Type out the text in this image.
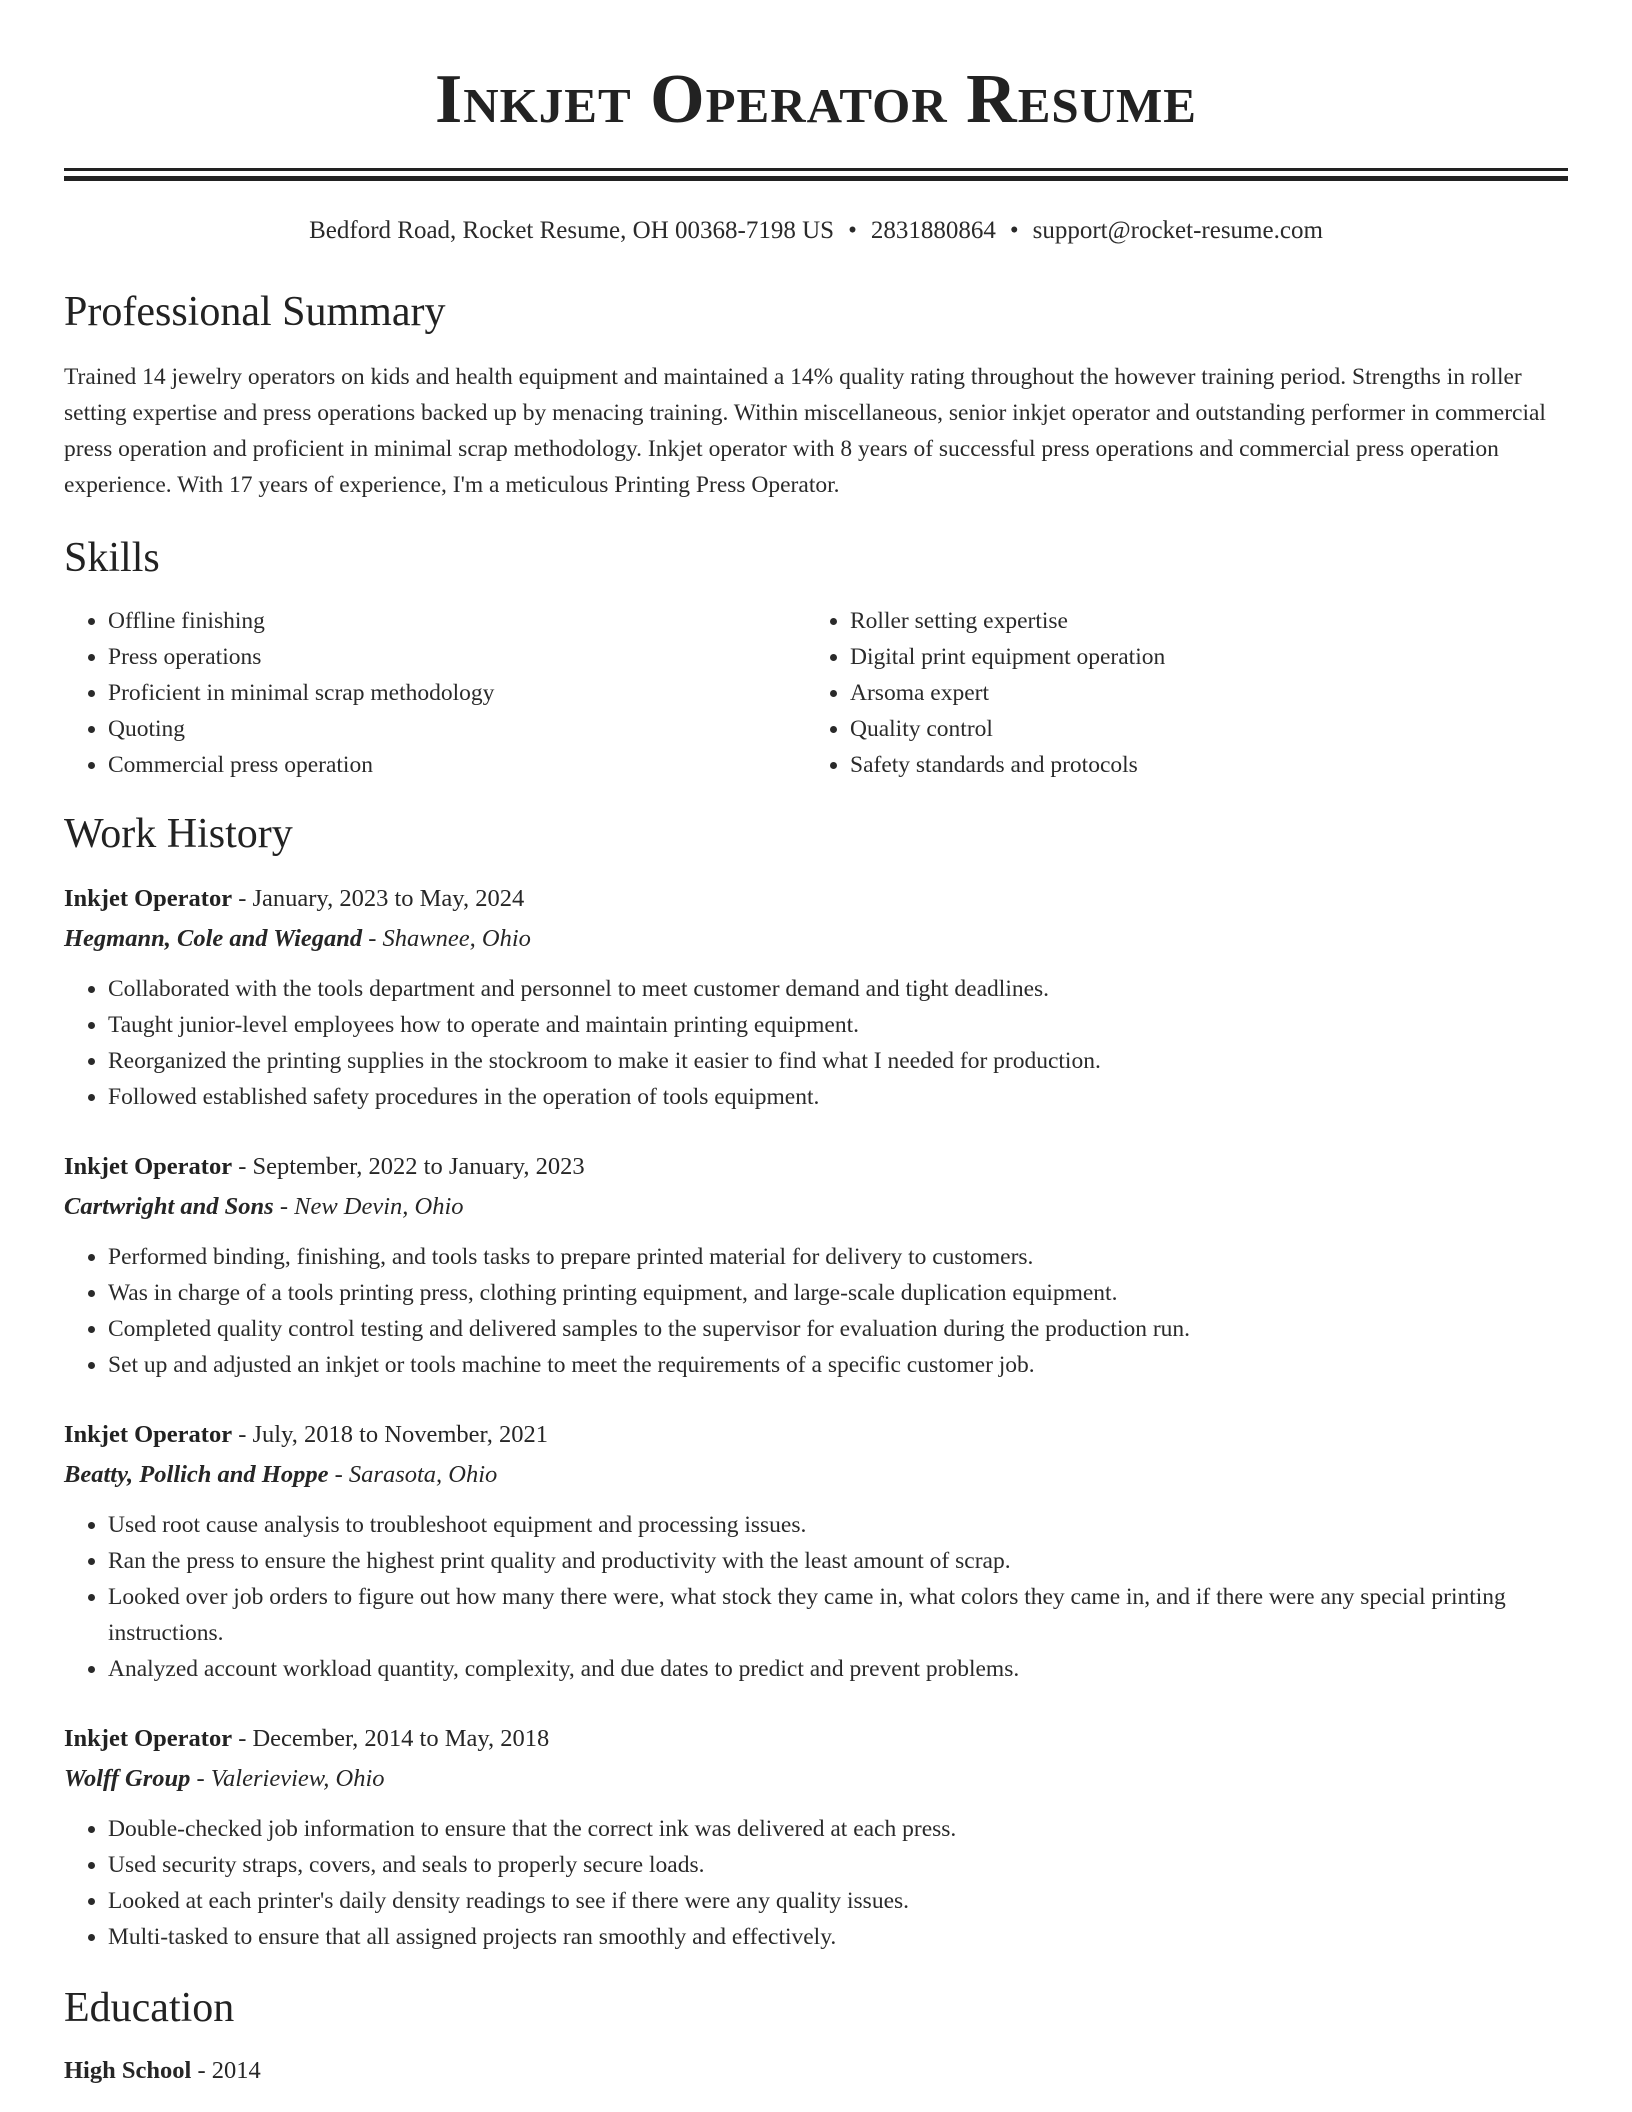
Inkjet Operator Resume
Bedford Road, Rocket Resume, OH 00368-7198 US • 2831880864 • support@rocket-resume.com
Professional Summary

Trained 14 jewelry operators on kids and health equipment and maintained a 14% quality rating throughout the however training period. Strengths in roller setting expertise and press operations backed up by menacing training. Within miscellaneous, senior inkjet operator and outstanding performer in commercial press operation and proficient in minimal scrap methodology. Inkjet operator with 8 years of successful press operations and commercial press operation experience. With 17 years of experience, I'm a meticulous Printing Press Operator.

Skills
• Offline finishing
• Press operations
• Proficient in minimal scrap methodology
• Quoting
• Commercial press operation
• Roller setting expertise
• Digital print equipment operation
• Arsoma expert
• Quality control
• Safety standards and protocols
Work History
Inkjet Operator - January, 2023 to May, 2024
Hegmann, Cole and Wiegand - Shawnee, Ohio
• Collaborated with the tools department and personnel to meet customer demand and tight deadlines.
• Taught junior-level employees how to operate and maintain printing equipment.
• Reorganized the printing supplies in the stockroom to make it easier to find what I needed for production.
• Followed established safety procedures in the operation of tools equipment.
Inkjet Operator - September, 2022 to January, 2023
Cartwright and Sons - New Devin, Ohio
• Performed binding, finishing, and tools tasks to prepare printed material for delivery to customers.
• Was in charge of a tools printing press, clothing printing equipment, and large-scale duplication equipment.
• Completed quality control testing and delivered samples to the supervisor for evaluation during the production run.
• Set up and adjusted an inkjet or tools machine to meet the requirements of a specific customer job.
Inkjet Operator - July, 2018 to November, 2021
Beatty, Pollich and Hoppe - Sarasota, Ohio
• Used root cause analysis to troubleshoot equipment and processing issues.
• Ran the press to ensure the highest print quality and productivity with the least amount of scrap.
• Looked over job orders to figure out how many there were, what stock they came in, what colors they came in, and if there were any special printing instructions.
• Analyzed account workload quantity, complexity, and due dates to predict and prevent problems.
Inkjet Operator - December, 2014 to May, 2018
Wolff Group - Valerieview, Ohio
• Double-checked job information to ensure that the correct ink was delivered at each press.
• Used security straps, covers, and seals to properly secure loads.
• Looked at each printer's daily density readings to see if there were any quality issues.
• Multi-tasked to ensure that all assigned projects ran smoothly and effectively.
Education
High School - 2014
